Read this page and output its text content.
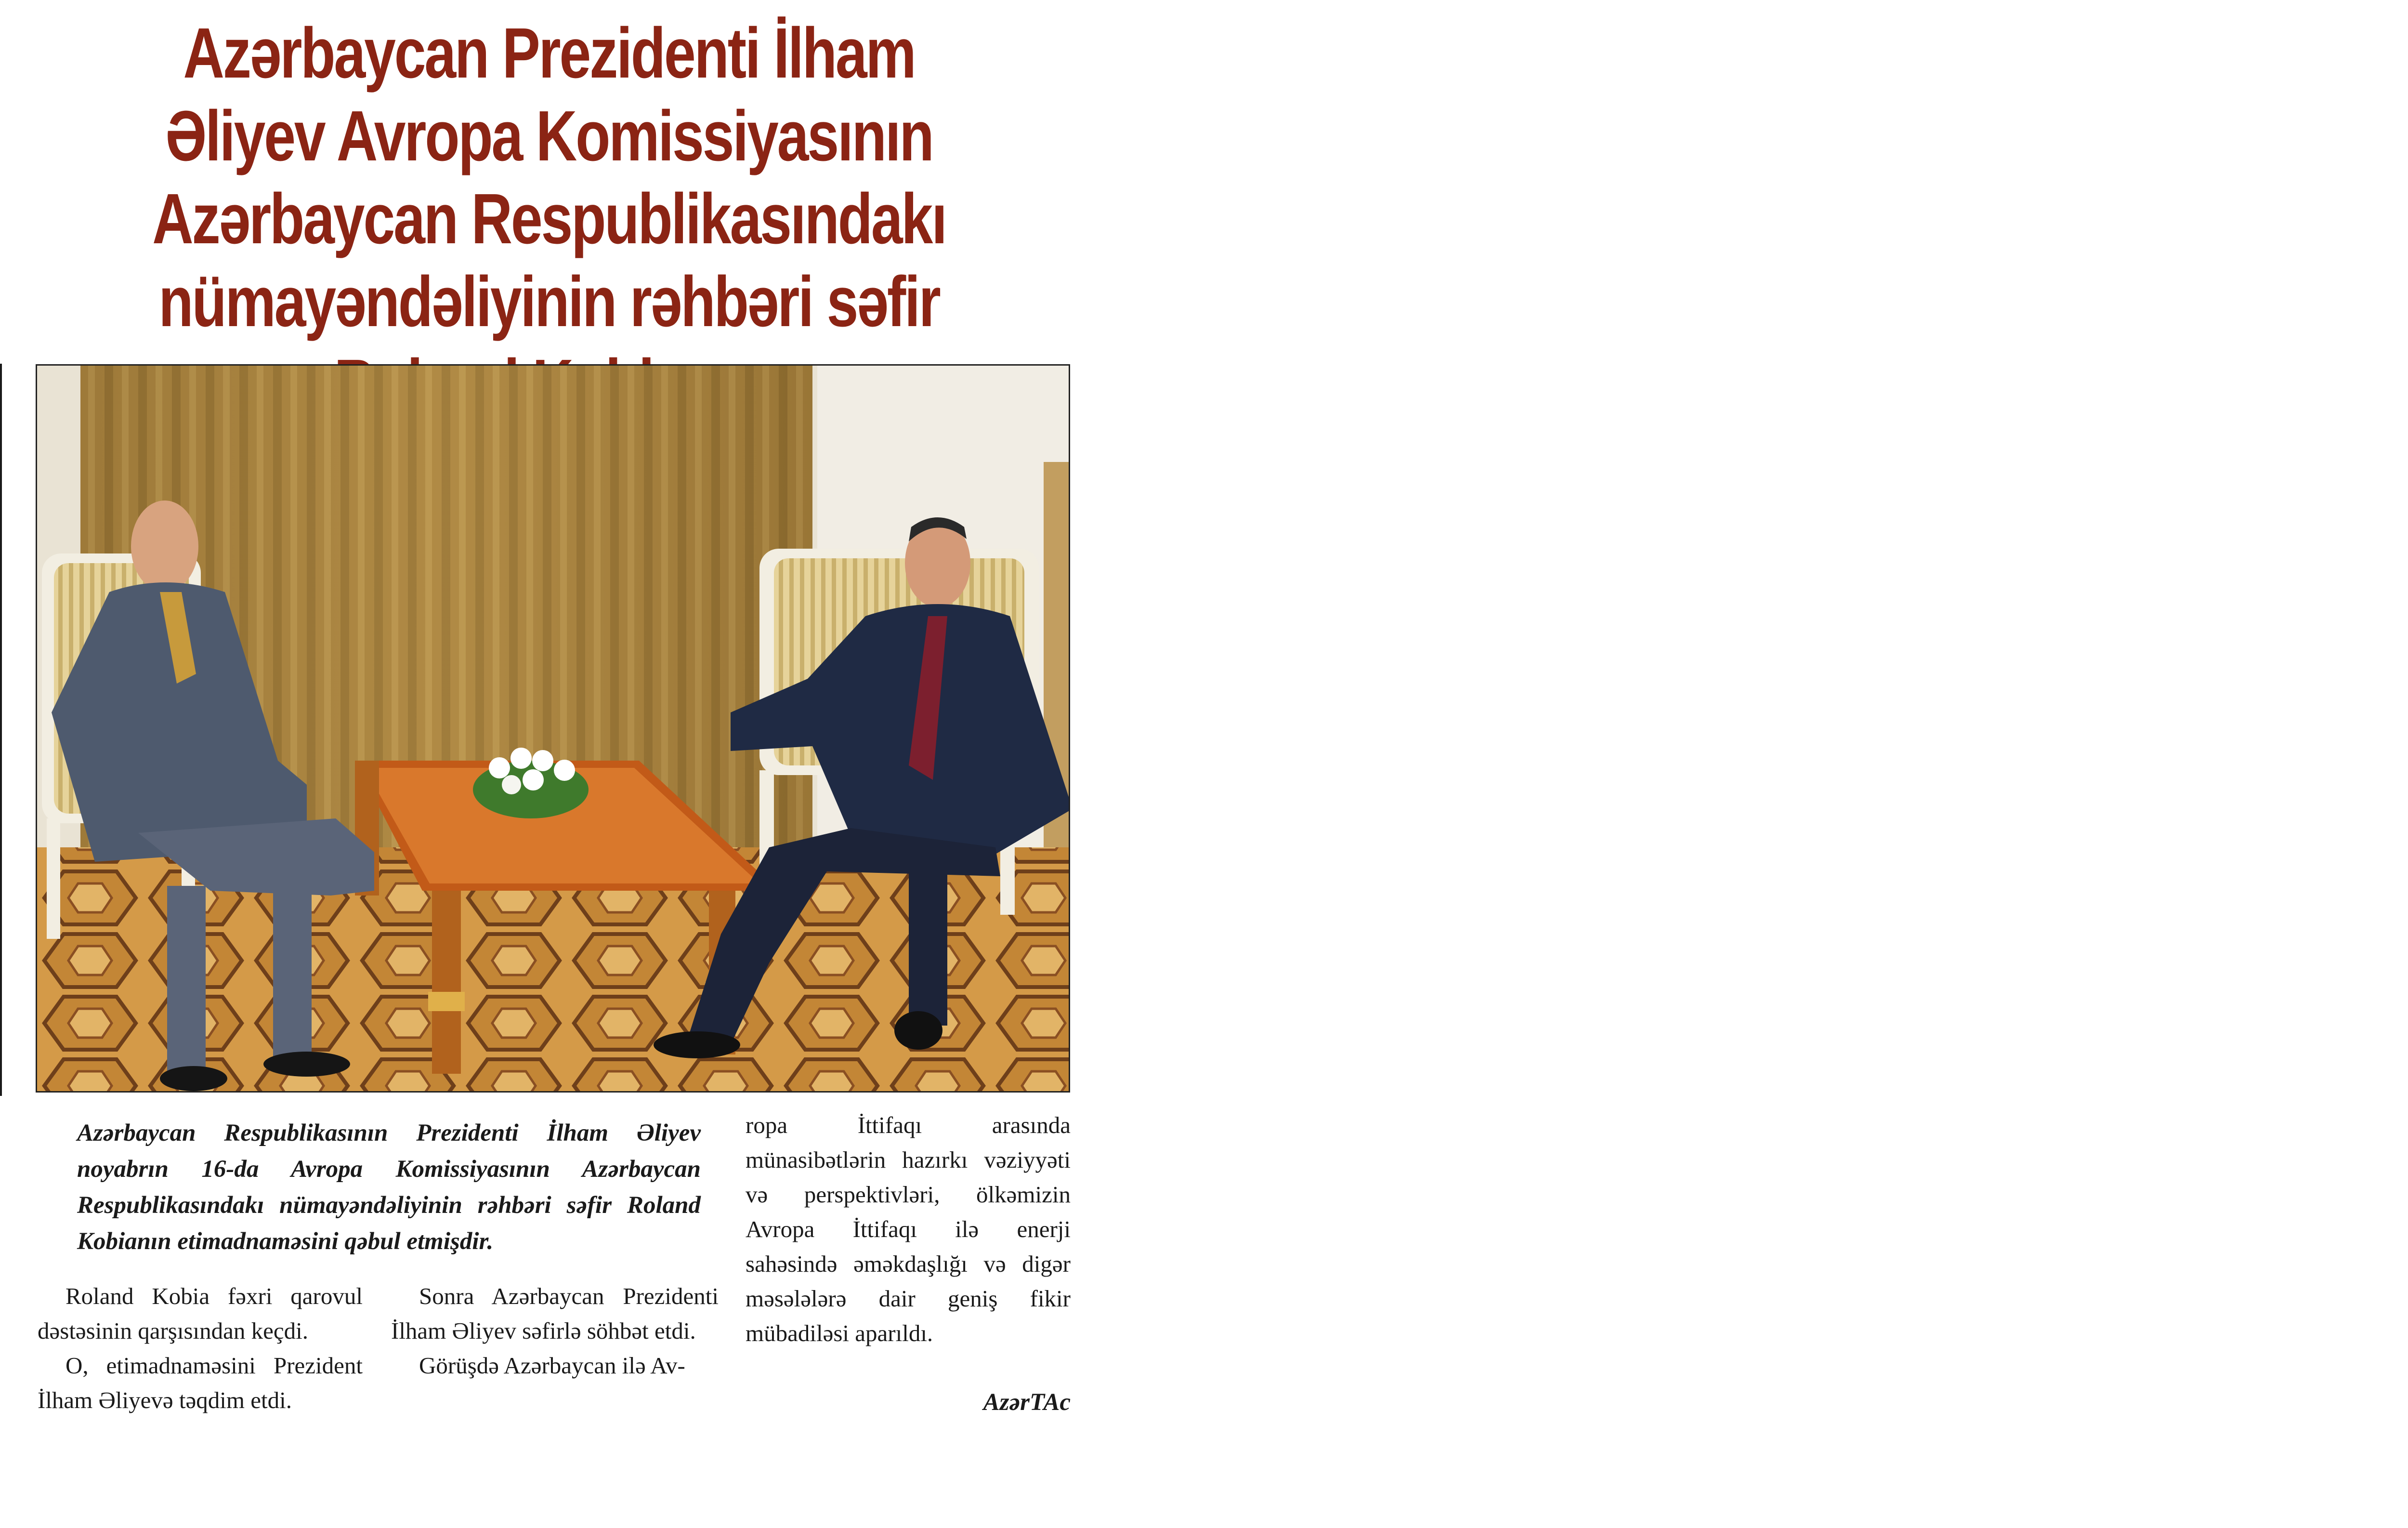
Azərbaycan Prezidenti İlham Əliyev Avropa Komissiyasının Azərbaycan Respublikasındakı nümayəndəliyinin rəhbəri səfir

Azərbaycan Respublikasının Prezidenti İlham Əliyev noyabrın 16-da Avropa Komissiyasının Azərbaycan Respublikasındakı nümayəndəliyinin rəhbəri səfir Roland Kobianın etimadnaməsini qəbul etmişdir.

Roland Kobia fəxri qarovul dəstəsinin qarşısından keçdi.

O, etimadnaməsini Prezident İlham Əliyevə təqdim etdi.

Sonra Azərbaycan Prezidenti İlham Əliyev səfirlə söhbət etdi.

Görüşdə Azərbaycan ilə Av-

ropa İttifaqı arasında münasibətlərin hazırkı vəziyyəti və perspektivləri, ölkəmizin Avropa İttifaqı ilə enerji sahəsində əməkdaşlığı və digər məsələlərə dair geniş fikir mübadiləsi aparıldı.

AzərTAc
